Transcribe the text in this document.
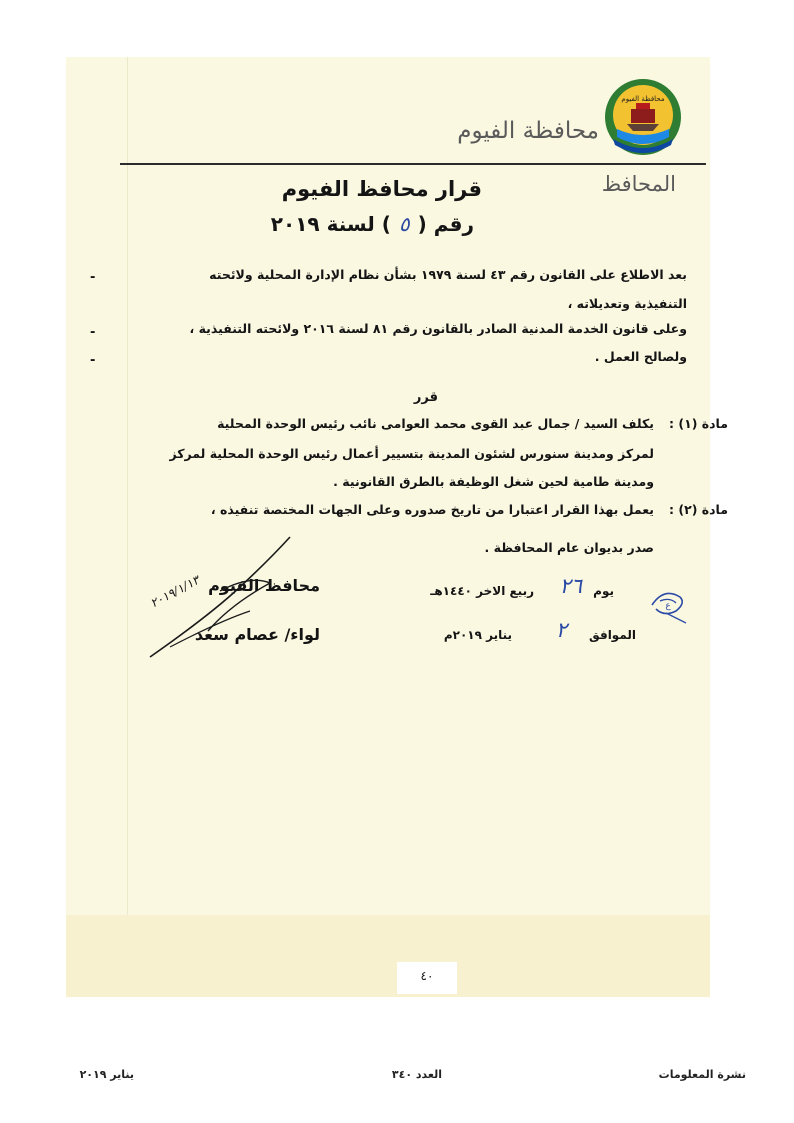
محافظة الفيوم
محافظة الفيوم
المحافظ
قرار محافظ الفيوم
رقم (٥) لسنة ٢٠١٩
-	بعد الاطلاع على القانون رقم ٤٣ لسنة ١٩٧٩ بشأن نظام الإدارة المحلية ولائحته
التنفيذية وتعديلاته ،
-	وعلى قانون الخدمة المدنية الصادر بالقانون رقم ٨١ لسنة ٢٠١٦ ولائحته التنفيذية ،
-	ولصالح العمل .
قرر
مادة (١) :
يكلف السيد / جمال عبد القوى محمد العوامى نائب رئيس الوحدة المحلية
لمركز ومدينة سنورس لشئون المدينة بتسيير أعمال رئيس الوحدة المحلية لمركز
ومدينة طامية لحين شغل الوظيفة بالطرق القانونية .
مادة (٢) :
يعمل بهذا القرار اعتبارا من تاريخ صدوره وعلى الجهات المختصة تنفيذه ،
صدر بديوان عام المحافظة .
يوم
٢٦
ربيع الاخر ١٤٤٠هـ
الموافق
٢
يناير ٢٠١٩م
ع
محافظ الفيوم
لواء/ عصام سعد
٢٠١٩/١/١٣
٤٠
نشرة المعلومات
العدد ٣٤٠
يناير ٢٠١٩
